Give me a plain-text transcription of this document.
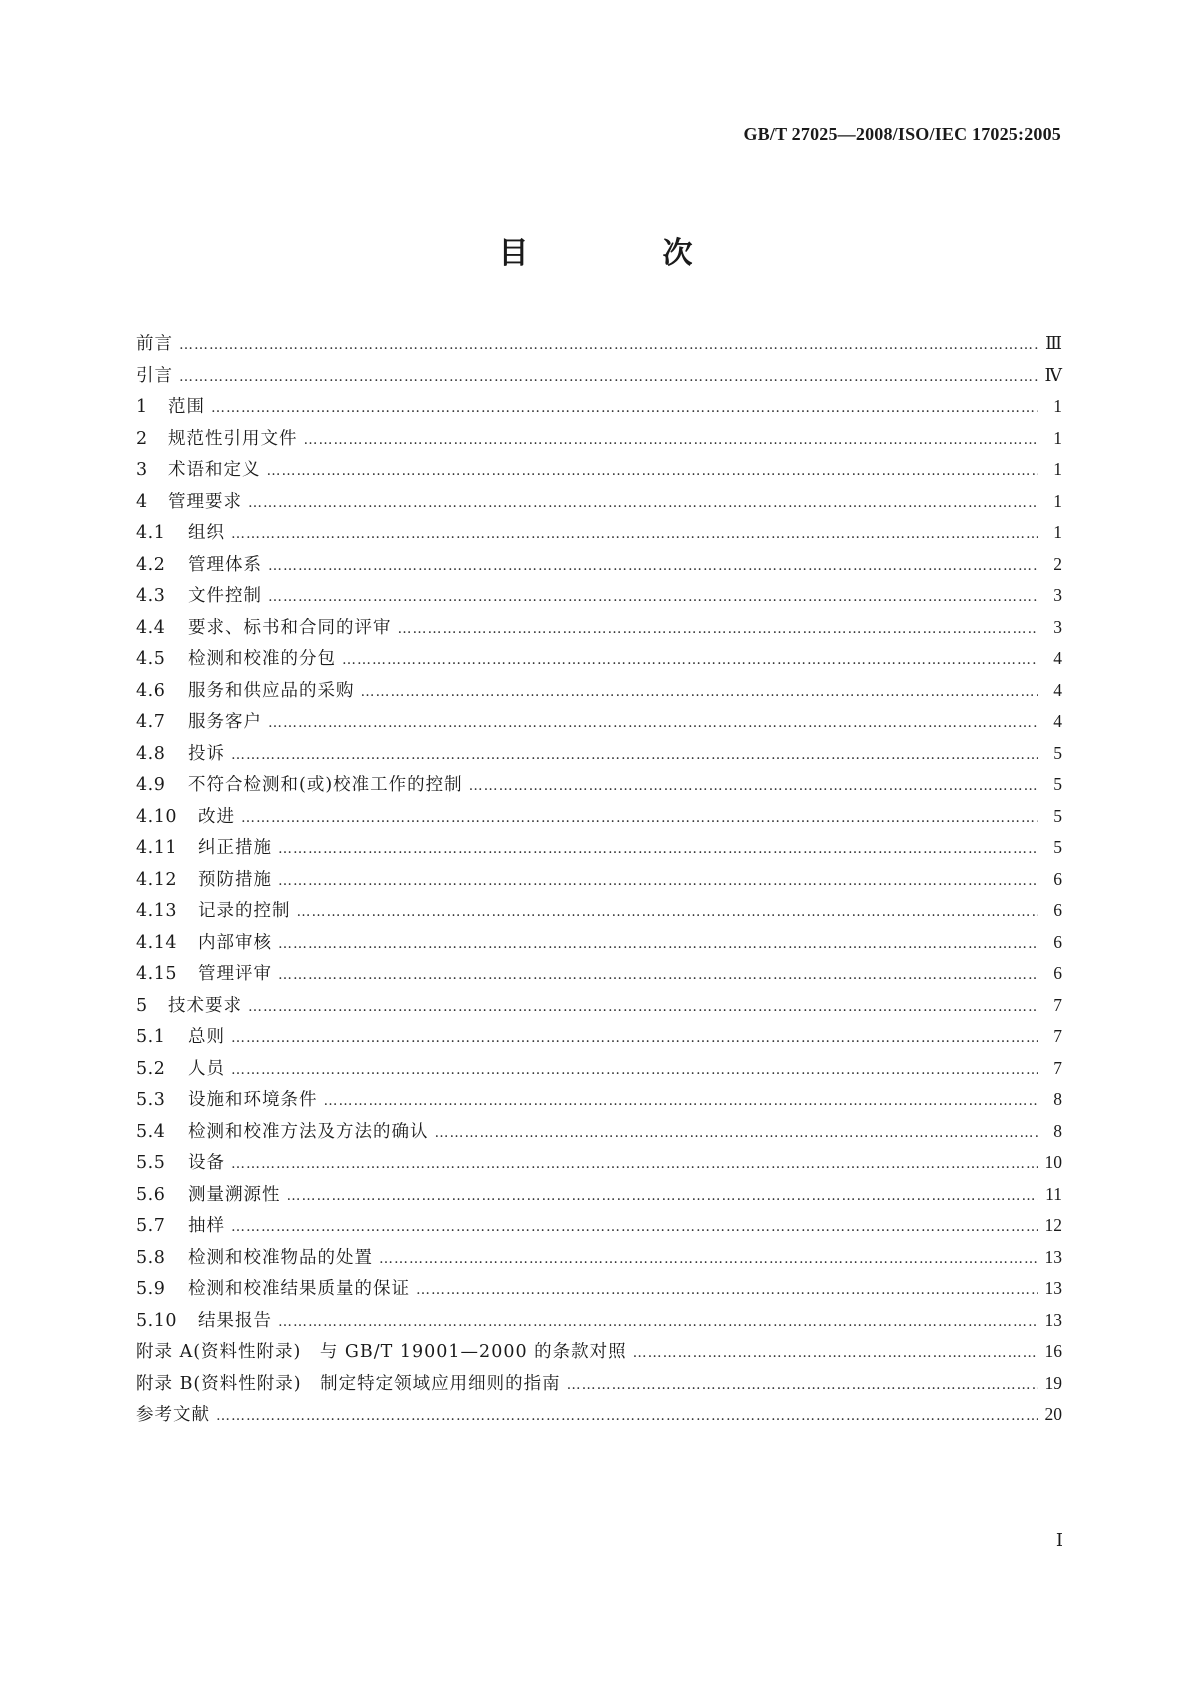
GB/T 27025—2008/ISO/IEC 17025:2005
目　次
前言 ……………………………………………………………………………………………………………………………………………………………………………………………………………………	Ⅲ
引言 ……………………………………………………………………………………………………………………………………………………………………………………………………………………	Ⅳ
1 范围 ……………………………………………………………………………………………………………………………………………………………………………………………………………………	1
2 规范性引用文件 ……………………………………………………………………………………………………………………………………………………………………………………………………………………	1
3 术语和定义 ……………………………………………………………………………………………………………………………………………………………………………………………………………………	1
4 管理要求 ……………………………………………………………………………………………………………………………………………………………………………………………………………………	1
4.1 组织 ……………………………………………………………………………………………………………………………………………………………………………………………………………………	1
4.2 管理体系 ……………………………………………………………………………………………………………………………………………………………………………………………………………………	2
4.3 文件控制 ……………………………………………………………………………………………………………………………………………………………………………………………………………………	3
4.4 要求、标书和合同的评审 ……………………………………………………………………………………………………………………………………………………………………………………………………………………	3
4.5 检测和校准的分包 ……………………………………………………………………………………………………………………………………………………………………………………………………………………	4
4.6 服务和供应品的采购 ……………………………………………………………………………………………………………………………………………………………………………………………………………………	4
4.7 服务客户 ……………………………………………………………………………………………………………………………………………………………………………………………………………………	4
4.8 投诉 ……………………………………………………………………………………………………………………………………………………………………………………………………………………	5
4.9 不符合检测和(或)校准工作的控制 ……………………………………………………………………………………………………………………………………………………………………………………………………………………	5
4.10 改进 ……………………………………………………………………………………………………………………………………………………………………………………………………………………	5
4.11 纠正措施 ……………………………………………………………………………………………………………………………………………………………………………………………………………………	5
4.12 预防措施 ……………………………………………………………………………………………………………………………………………………………………………………………………………………	6
4.13 记录的控制 ……………………………………………………………………………………………………………………………………………………………………………………………………………………	6
4.14 内部审核 ……………………………………………………………………………………………………………………………………………………………………………………………………………………	6
4.15 管理评审 ……………………………………………………………………………………………………………………………………………………………………………………………………………………	6
5 技术要求 ……………………………………………………………………………………………………………………………………………………………………………………………………………………	7
5.1 总则 ……………………………………………………………………………………………………………………………………………………………………………………………………………………	7
5.2 人员 ……………………………………………………………………………………………………………………………………………………………………………………………………………………	7
5.3 设施和环境条件 ……………………………………………………………………………………………………………………………………………………………………………………………………………………	8
5.4 检测和校准方法及方法的确认 ……………………………………………………………………………………………………………………………………………………………………………………………………………………	8
5.5 设备 ……………………………………………………………………………………………………………………………………………………………………………………………………………………	10
5.6 测量溯源性 ……………………………………………………………………………………………………………………………………………………………………………………………………………………	11
5.7 抽样 ……………………………………………………………………………………………………………………………………………………………………………………………………………………	12
5.8 检测和校准物品的处置 ……………………………………………………………………………………………………………………………………………………………………………………………………………………	13
5.9 检测和校准结果质量的保证 ……………………………………………………………………………………………………………………………………………………………………………………………………………………	13
5.10 结果报告 ……………………………………………………………………………………………………………………………………………………………………………………………………………………	13
附录 A(资料性附录)　与 GB/T 19001—2000 的条款对照 ……………………………………………………………………………………………………………………………………………………………………………………………………………………	16
附录 B(资料性附录)　制定特定领域应用细则的指南 ……………………………………………………………………………………………………………………………………………………………………………………………………………………	19
参考文献 ……………………………………………………………………………………………………………………………………………………………………………………………………………………	20
Ⅰ
